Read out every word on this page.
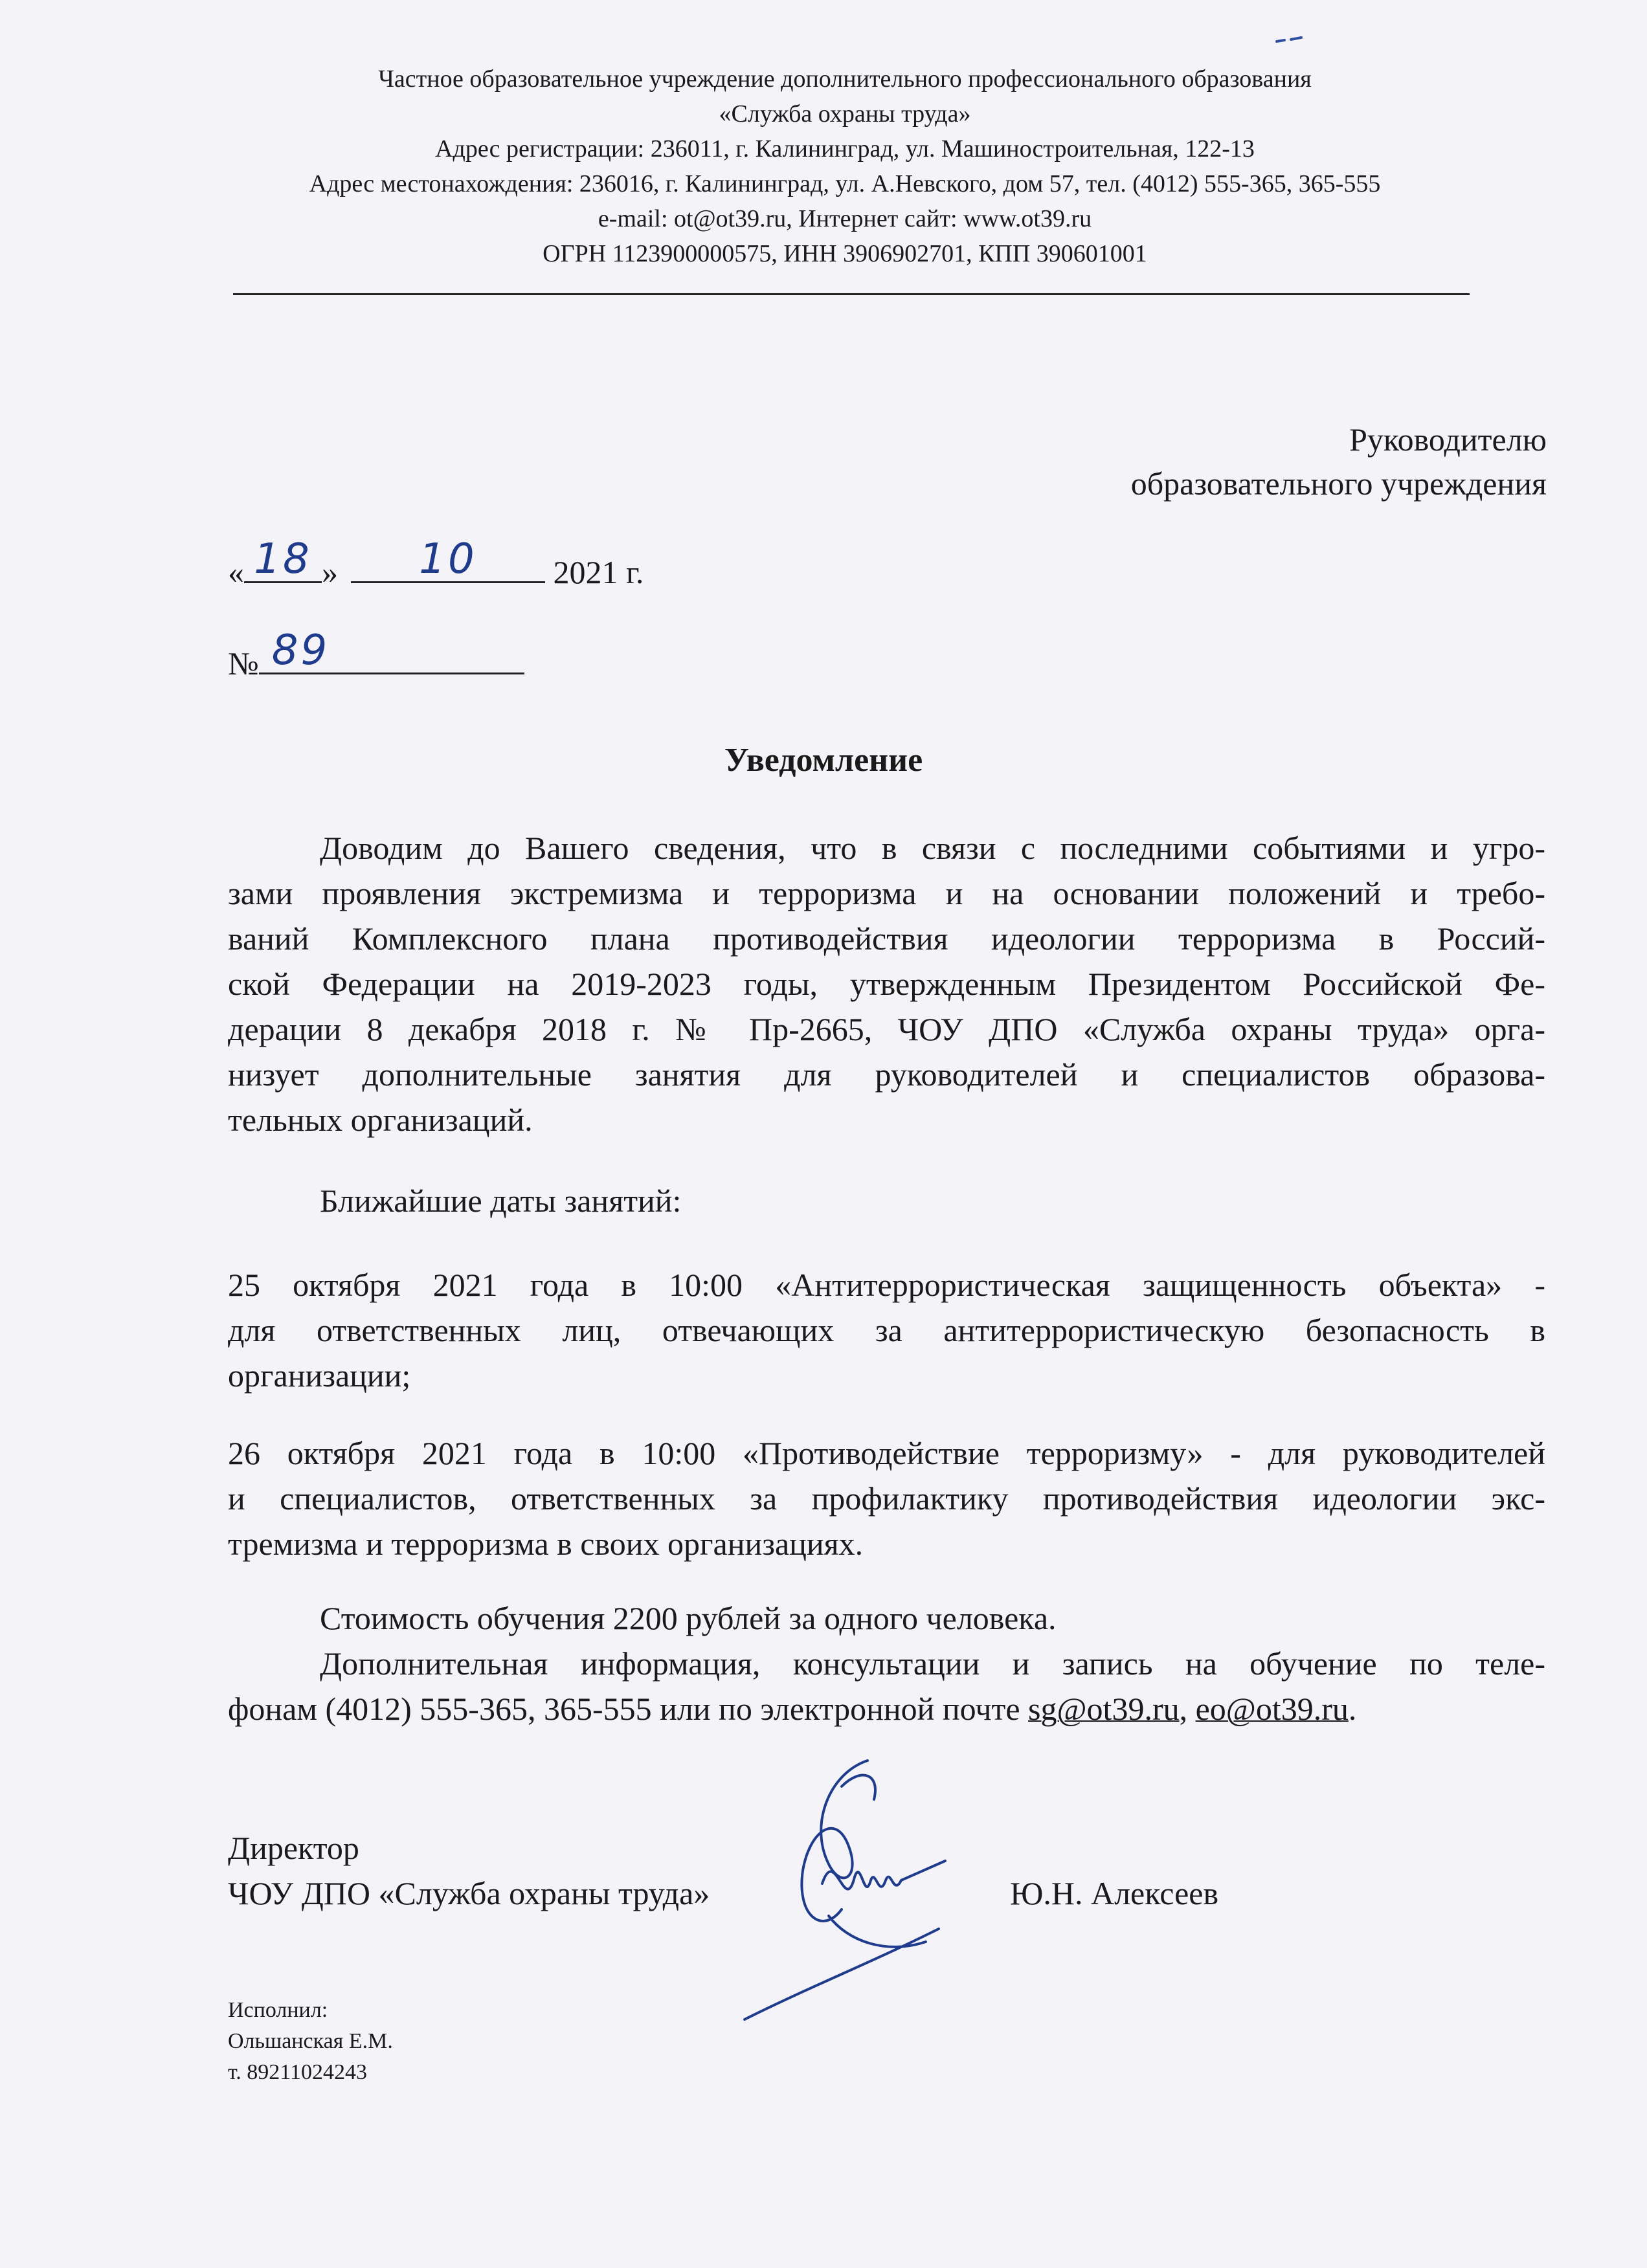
Частное образовательное учреждение дополнительного профессионального образования
«Служба охраны труда»
Адрес регистрации: 236011, г. Калининград, ул. Машиностроительная, 122-13
Адрес местонахождения: 236016, г. Калининград, ул. А.Невского, дом 57, тел. (4012) 555-365, 365-555
e-mail: ot@ot39.ru, Интернет сайт: www.ot39.ru
ОГРН 1123900000575, ИНН 3906902701, КПП 390601001
Руководителю
образовательного учреждения
« 18 »	10	2021 г.
№ 89
Уведомление
Доводим до Вашего сведения, что в связи с последними событиями и угро-
зами проявления экстремизма и терроризма и на основании положений и требо-
ваний Комплексного плана противодействия идеологии терроризма в Россий-
ской Федерации на 2019-2023 годы, утвержденным Президентом Российской Фе-
дерации 8 декабря 2018 г. № Пр-2665, ЧОУ ДПО «Служба охраны труда» орга-
низует дополнительные занятия для руководителей и специалистов образова-
тельных организаций.
Ближайшие даты занятий:
25 октября 2021 года в 10:00 «Антитеррористическая защищенность объекта» -
для ответственных лиц, отвечающих за антитеррористическую безопасность в
организации;
26 октября 2021 года в 10:00 «Противодействие терроризму» - для руководителей
и специалистов, ответственных за профилактику противодействия идеологии экс-
тремизма и терроризма в своих организациях.
Стоимость обучения 2200 рублей за одного человека.
Дополнительная информация, консультации и запись на обучение по теле-
фонам (4012) 555-365, 365-555 или по электронной почте sg@ot39.ru, eo@ot39.ru.
Директор
ЧОУ ДПО «Служба охраны труда»	Ю.Н. Алексеев
Исполнил:
Ольшанская Е.М.
т. 89211024243
